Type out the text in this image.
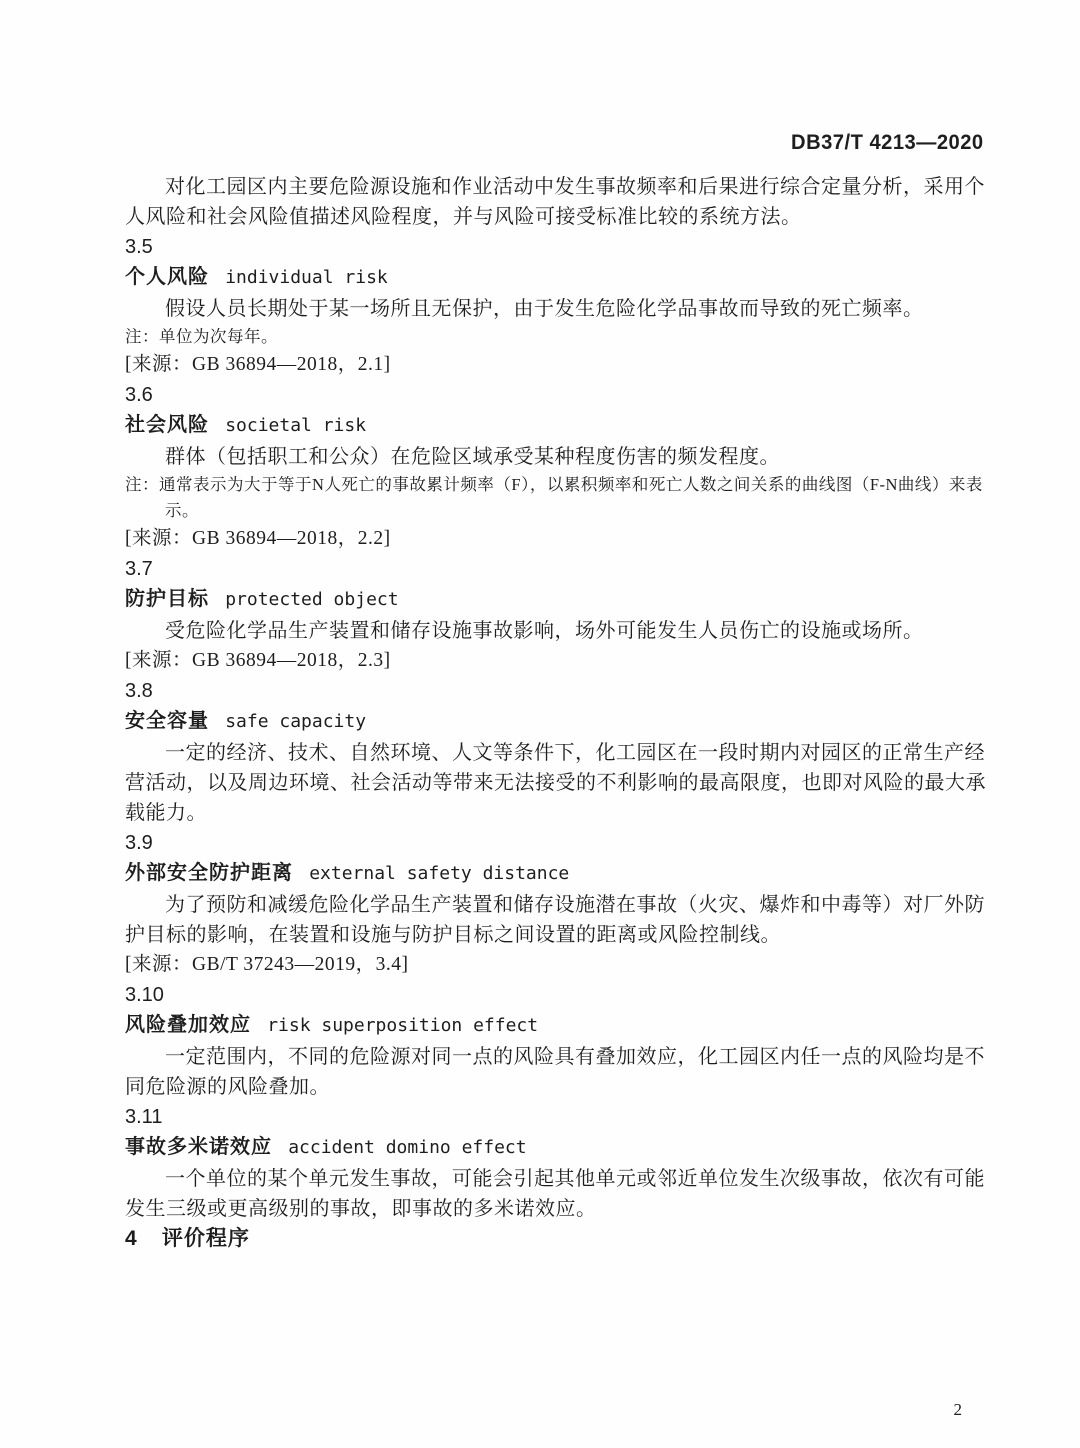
DB37/T 4213—2020

对化工园区内主要危险源设施和作业活动中发生事故频率和后果进行综合定量分析，采用个人风险和社会风险值描述风险程度，并与风险可接受标准比较的系统方法。

3.5

个人风险 individual risk

假设人员长期处于某一场所且无保护，由于发生危险化学品事故而导致的死亡频率。

注：单位为次每年。

[来源：GB 36894—2018，2.1]

3.6

社会风险 societal risk

群体（包括职工和公众）在危险区域承受某种程度伤害的频发程度。

注：通常表示为大于等于N人死亡的事故累计频率（F），以累积频率和死亡人数之间关系的曲线图（F-N曲线）来表示。

[来源：GB 36894—2018，2.2]

3.7

防护目标 protected object

受危险化学品生产装置和储存设施事故影响，场外可能发生人员伤亡的设施或场所。

[来源：GB 36894—2018，2.3]

3.8

安全容量 safe capacity

一定的经济、技术、自然环境、人文等条件下，化工园区在一段时期内对园区的正常生产经营活动，以及周边环境、社会活动等带来无法接受的不利影响的最高限度，也即对风险的最大承载能力。

3.9

外部安全防护距离 external safety distance

为了预防和减缓危险化学品生产装置和储存设施潜在事故（火灾、爆炸和中毒等）对厂外防护目标的影响，在装置和设施与防护目标之间设置的距离或风险控制线。

[来源：GB/T 37243—2019，3.4]

3.10

风险叠加效应 risk superposition effect

一定范围内，不同的危险源对同一点的风险具有叠加效应，化工园区内任一点的风险均是不同危险源的风险叠加。

3.11

事故多米诺效应 accident domino effect

一个单位的某个单元发生事故，可能会引起其他单元或邻近单位发生次级事故，依次有可能发生三级或更高级别的事故，即事故的多米诺效应。

4 评价程序

2
